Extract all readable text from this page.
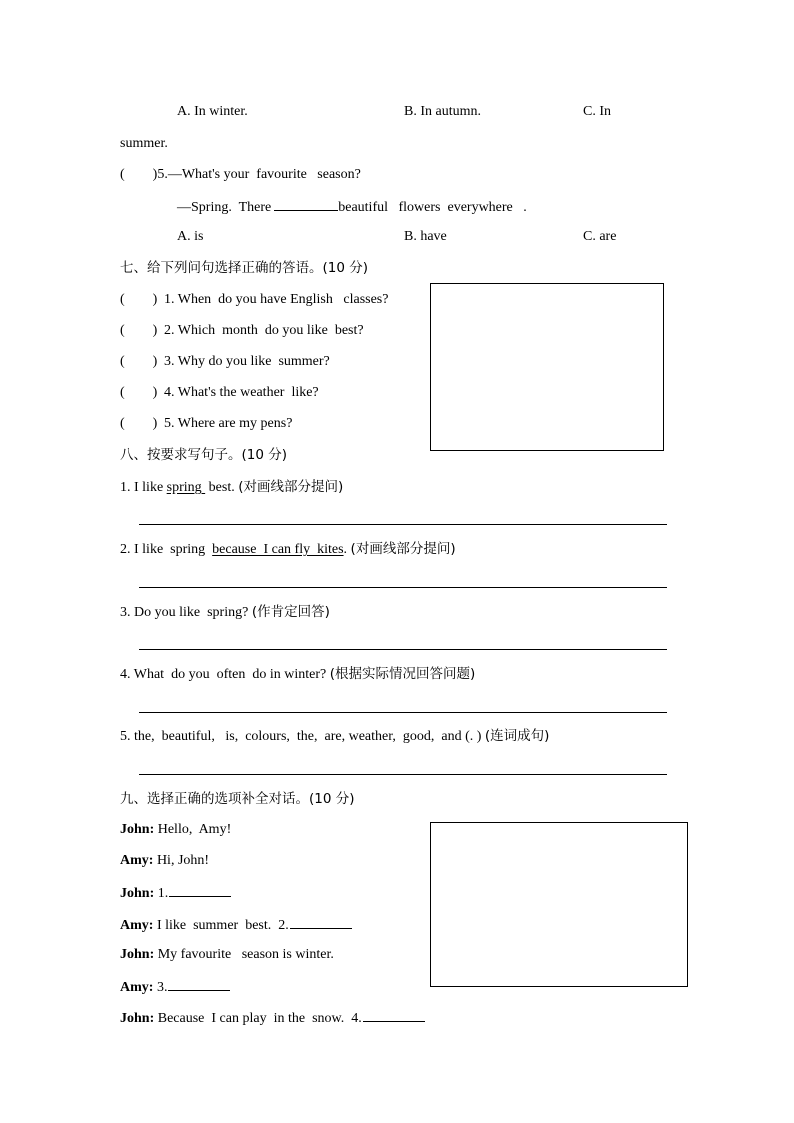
A. In winter.	B. In autumn.	C. In
summer.
(        )5.—What's your  favourite   season?
—Spring.  There	beautiful   flowers  everywhere   .
A. is	B. have	C. are
七、给下列问句选择正确的答语。(10 分)
(        ) 1. When  do you have English   classes?
(        ) 2. Which  month  do you like  best?
(        ) 3. Why do you like  summer?
(        ) 4. What's the weather  like?
(        ) 5. Where are my pens?
八、按要求写句子。(10 分)
1. I like spring  best. (对画线部分提问)
2. I like  spring  because  I can fly  kites. (对画线部分提问)
3. Do you like  spring? (作肯定回答)
4. What  do you  often  do in winter? (根据实际情况回答问题)
5. the,  beautiful,   is,  colours,  the,  are, weather,  good,  and (. ) (连词成句)
九、选择正确的选项补全对话。(10 分)
John: Hello,  Amy!
Amy: Hi, John!
John: 1.
Amy: I like  summer  best.  2.
John: My favourite   season is winter.
Amy: 3.
John: Because  I can play  in the  snow.  4.
